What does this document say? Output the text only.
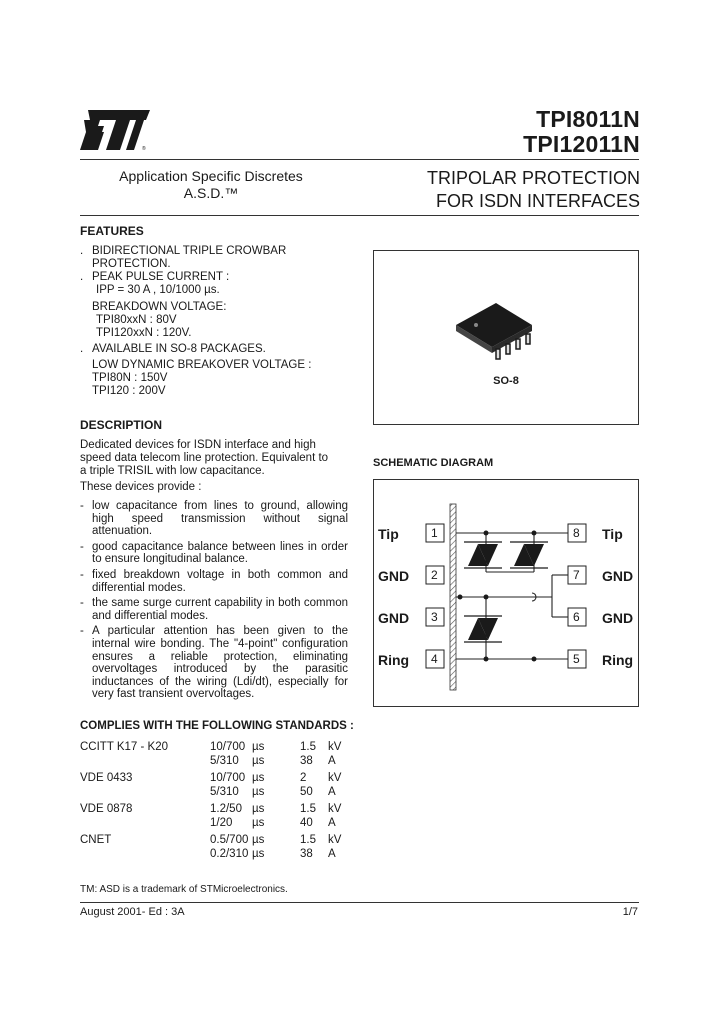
®
TPI8011N
TPI12011N
Application Specific Discretes
A.S.D.™
TRIPOLAR PROTECTION
FOR ISDN INTERFACES
FEATURES
. BIDIRECTIONAL TRIPLE CROWBAR
PROTECTION.
. PEAK PULSE CURRENT :
IPP = 30 A , 10/1000 µs.
BREAKDOWN VOLTAGE:
TPI80xxN : 80V
TPI120xxN : 120V.
. AVAILABLE IN SO-8 PACKAGES.
LOW DYNAMIC BREAKOVER VOLTAGE :
TPI80N : 150V
TPI120 : 200V
DESCRIPTION
Dedicated devices for ISDN interface and high
speed data telecom line protection. Equivalent to
a triple TRISIL with low capacitance.
These devices provide :
- low capacitance from lines to ground, allowing high speed transmission without signal attenuation.
- good capacitance balance between lines in order to ensure longitudinal balance.
- fixed breakdown voltage in both common and differential modes.
- the same surge current capability in both common and differential modes.
- A particular attention has been given to the internal wire bonding. The "4-point" configuration ensures a reliable protection, eliminating overvoltages introduced by the parasitic inductances of the wiring (Ldi/dt), especially for very fast transient overvoltages.
COMPLIES WITH THE FOLLOWING STANDARDS :
CCITT K17 - K20	10/700 µs	1.5 kV
5/310 µs	38 A
VDE 0433	10/700 µs	2 kV
5/310 µs	50 A
VDE 0878	1.2/50 µs	1.5 kV
1/20 µs	40 A
CNET	0.5/700 µs	1.5 kV
0.2/310 µs	38 A
SO-8
SCHEMATIC DIAGRAM
Tip	1
GND 2
GND 3
Ring 4
8 Tip
7 GND
6 GND
5 Ring
TM: ASD is a trademark of STMicroelectronics.
August 2001- Ed : 3A	1/7
